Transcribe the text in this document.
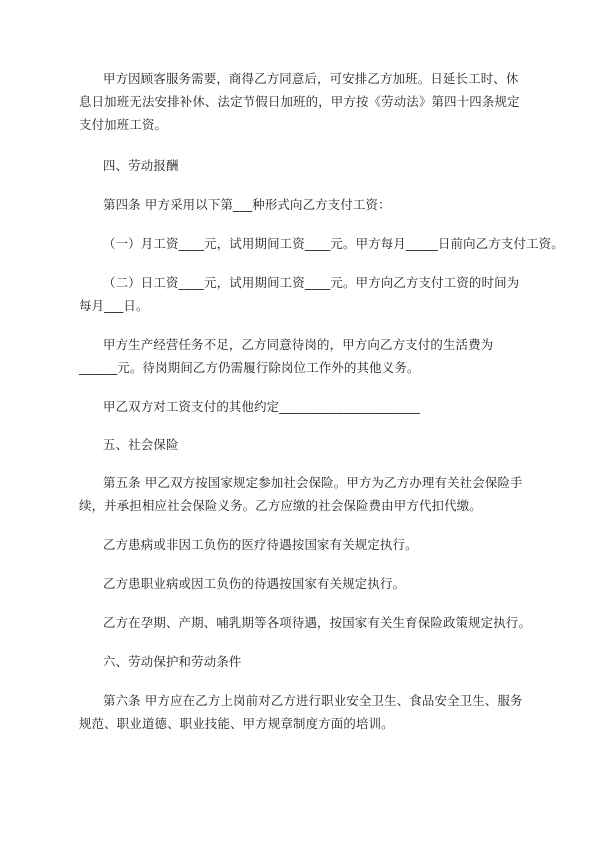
甲方因顾客服务需要，商得乙方同意后，可安排乙方加班。日延长工时、休息日加班无法安排补休、法定节假日加班的，甲方按《劳动法》第四十四条规定支付加班工资。

四、劳动报酬

第四条 甲方采用以下第___种形式向乙方支付工资：

（一）月工资____元，试用期间工资____元。甲方每月_____日前向乙方支付工资。

（二）日工资____元，试用期间工资____元。甲方向乙方支付工资的时间为每月___日。

甲方生产经营任务不足，乙方同意待岗的，甲方向乙方支付的生活费为______元。待岗期间乙方仍需履行除岗位工作外的其他义务。

甲乙双方对工资支付的其他约定______________________

五、社会保险

第五条 甲乙双方按国家规定参加社会保险。甲方为乙方办理有关社会保险手续，并承担相应社会保险义务。乙方应缴的社会保险费由甲方代扣代缴。

乙方患病或非因工负伤的医疗待遇按国家有关规定执行。

乙方患职业病或因工负伤的待遇按国家有关规定执行。

乙方在孕期、产期、哺乳期等各项待遇，按国家有关生育保险政策规定执行。

六、劳动保护和劳动条件

第六条 甲方应在乙方上岗前对乙方进行职业安全卫生、食品安全卫生、服务规范、职业道德、职业技能、甲方规章制度方面的培训。
